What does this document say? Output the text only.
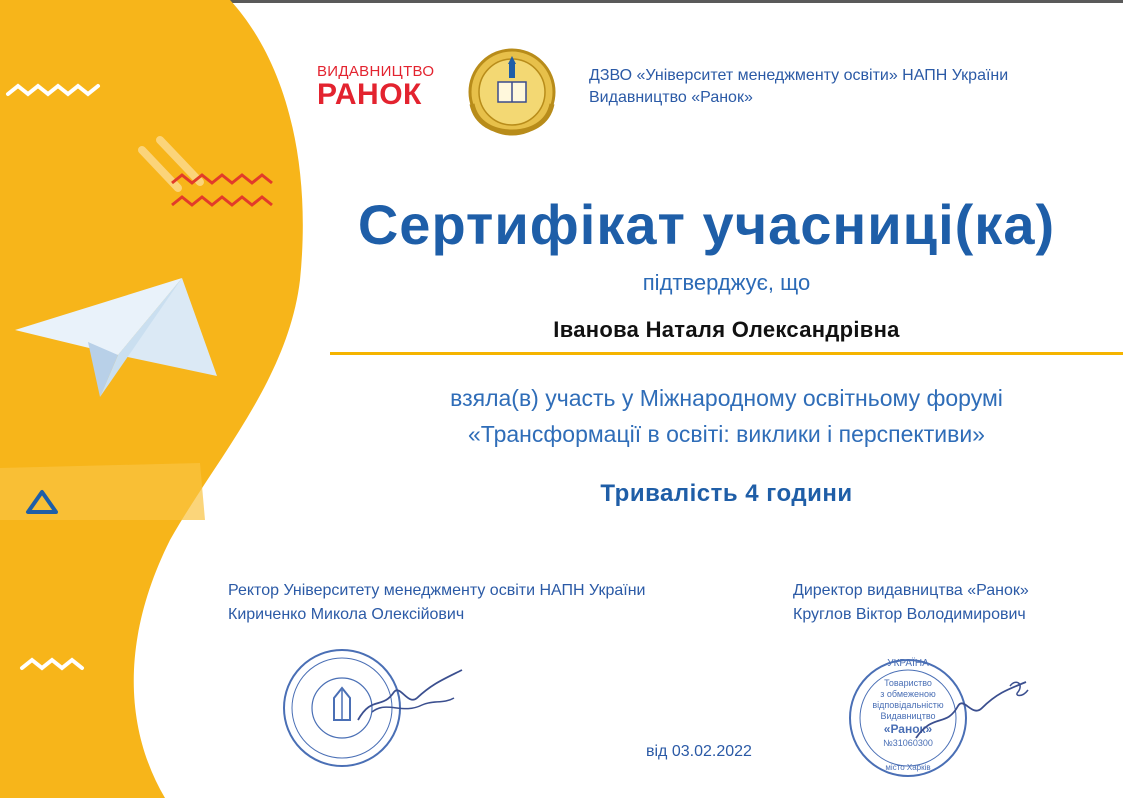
ВИДАВНИЦТВО
РАНОК
ДЗВО «Університет менеджменту освіти» НАПН України
Видавництво «Ранок»
Сертифікат учасниці(ка)
підтверджує, що
Іванова Наталя Олександрівна
взяла(в) участь у Міжнародному освітньому форумі
«Трансформації в освіті: виклики і перспективи»
Тривалість 4 години
Ректор Університету менеджменту освіти НАПН України
Кириченко Микола Олексійович
Директор видавництва «Ранок»
Круглов Віктор Володимирович
УКРАЇНА
Товариство
з обмеженою
відповідальністю
Видавництво
«Ранок»
№31060300
місто Харків
від 03.02.2022
